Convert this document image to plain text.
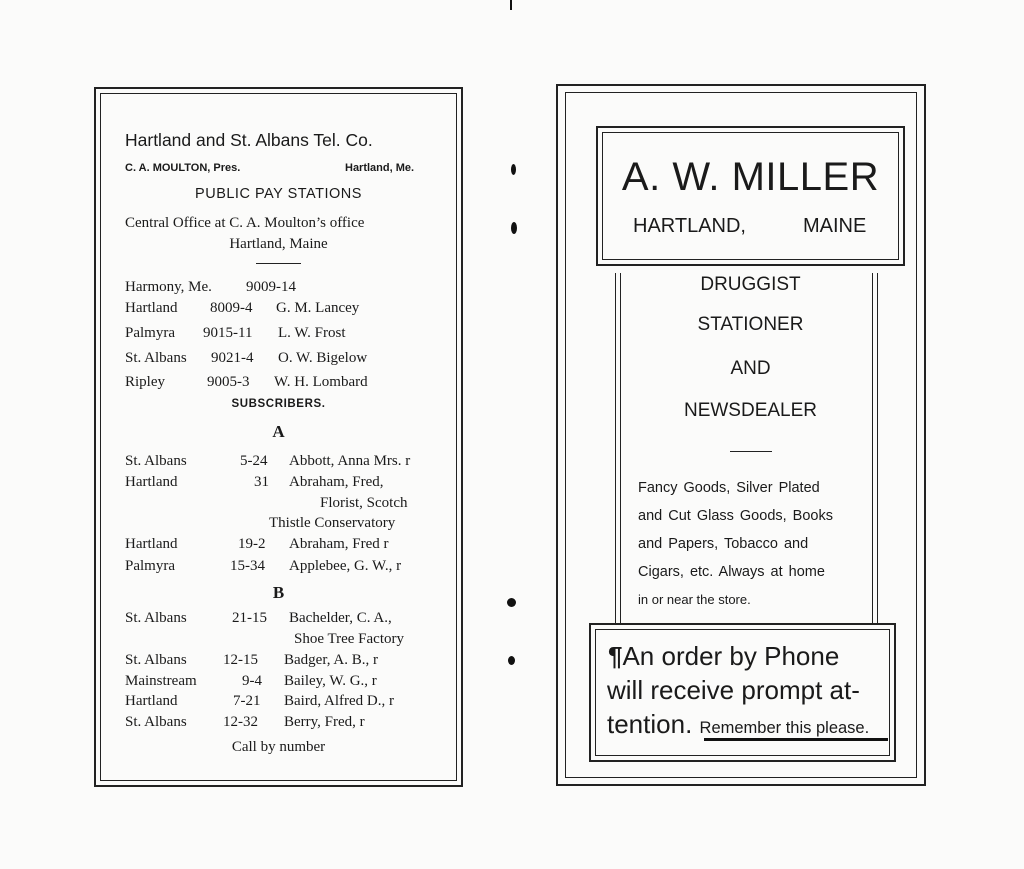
Hartland and St. Albans Tel. Co.
C. A. MOULTON, Pres.	Hartland, Me.
PUBLIC PAY STATIONS
Central Office at C. A. Moulton’s office
Hartland, Maine
Harmony, Me. 9009-14
Hartland 8009-4 G. M. Lancey
Palmyra 9015-11 L. W. Frost
St. Albans 9021-4 O. W. Bigelow
Ripley	9005-3 W. H. Lombard
SUBSCRIBERS.
A
St. Albans	5-24 Abbott, Anna Mrs. r
Hartland	31 Abraham, Fred,
Florist, Scotch
Thistle Conservatory
Hartland	19-2 Abraham, Fred r
Palmyra	15-34 Applebee, G. W., r
B
St. Albans	21-15 Bachelder, C. A.,
Shoe Tree Factory
St. Albans 12-15 Badger, A. B., r
Mainstream	9-4 Bailey, W. G., r
Hartland	7-21 Baird, Alfred D., r
St. Albans 12-32 Berry, Fred, r
Call by number
A. W. MILLER
HARTLAND,	MAINE
DRUGGIST
STATIONER
AND
NEWSDEALER
Fancy Goods, Silver Plated
and Cut Glass Goods, Books
and Papers, Tobacco and
Cigars, etc. Always at home
in or near the store.
¶An order by Phone
will receive prompt at-
tention. Remember this please.
